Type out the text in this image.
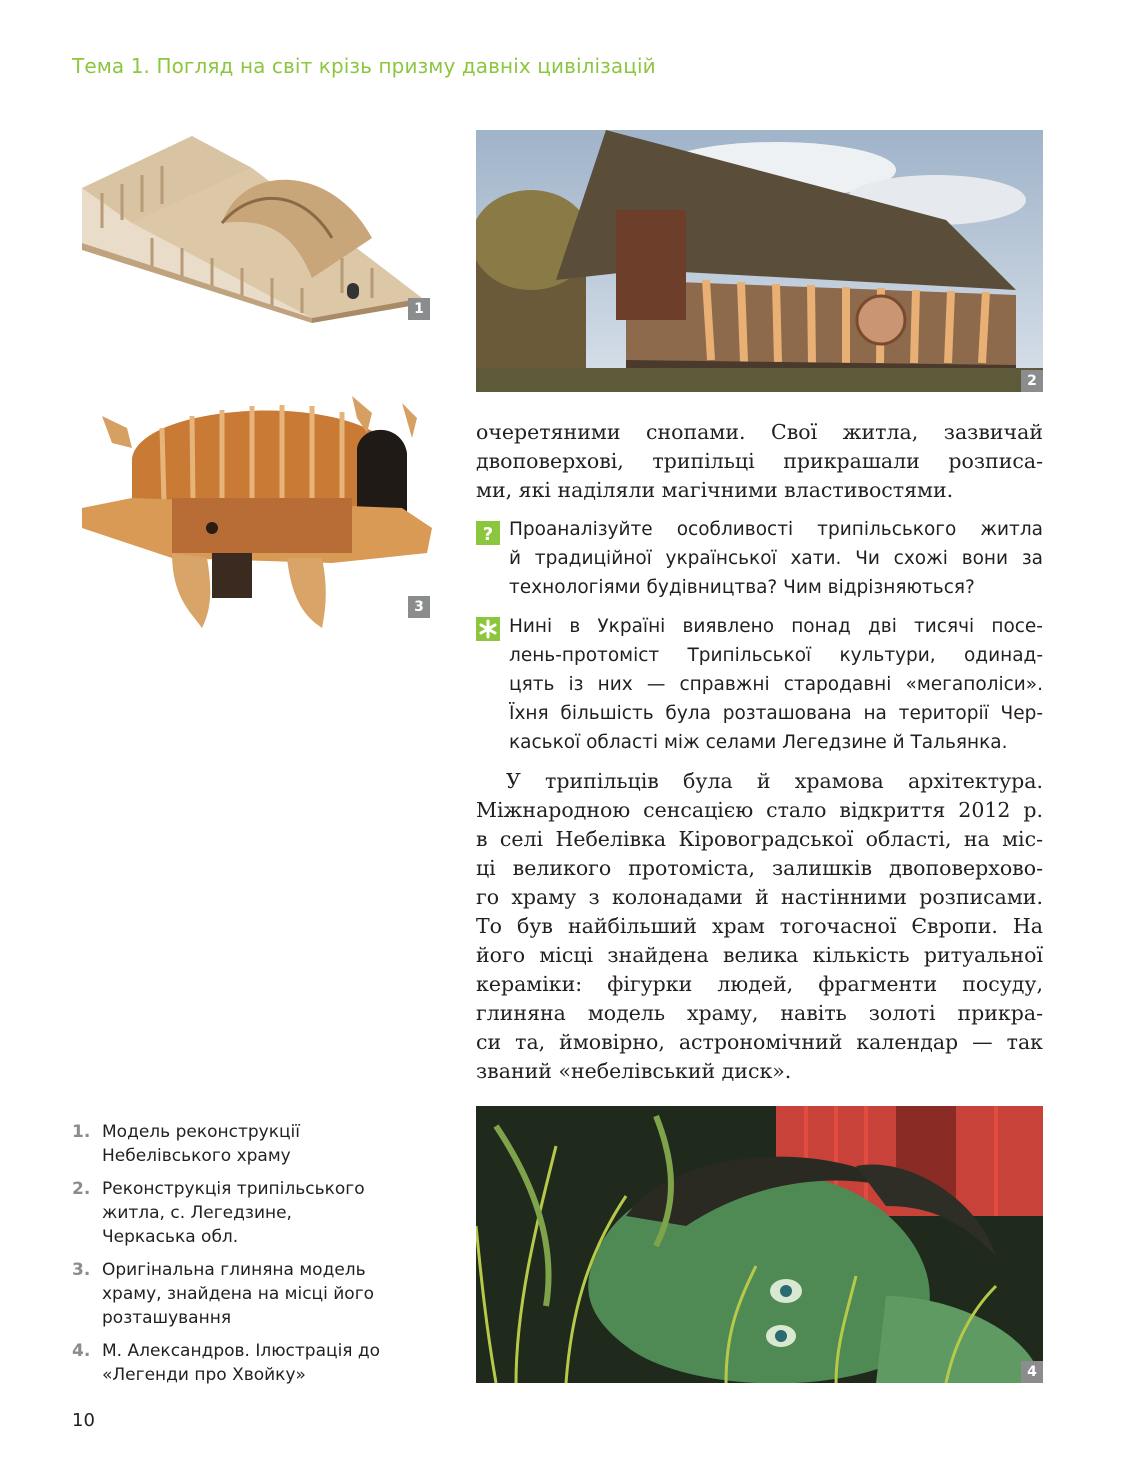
Тема 1. Погляд на світ крізь призму давніх цивілізацій
1
2
3
очеретяними снопами. Свої житла, зазвичай
двоповерхові, трипільці прикрашали розписа-
ми, які наділяли магічними властивостями.
? Проаналізуйте особливості трипільського житла
й традиційної української хати. Чи схожі вони за
технологіями будівництва? Чим відрізняються?
Нині в Україні виявлено понад дві тисячі посе-
лень-протоміст Трипільської культури, одинад-
цять із них — справжні стародавні «мегаполіси».
Їхня більшість була розташована на території Чер-
каської області між селами Легедзине й Тальянка.
У трипільців була й храмова архітектура.
Міжнародною сенсацією стало відкриття 2012 р.
в селі Небелівка Кіровоградської області, на міс-
ці великого протоміста, залишків двоповерхово-
го храму з колонадами й настінними розписами.
То був найбільший храм тогочасної Європи. На
його місці знайдена велика кількість ритуальної
кераміки: фігурки людей, фрагменти посуду,
глиняна модель храму, навіть золоті прикра-
си та, ймовірно, астрономічний календар — так
званий «небелівський диск».
4
1. Модель реконструкції
Небелівського храму
2. Реконструкція трипільського
житла, с. Легедзине,
Черкаська обл.
3. Оригінальна глиняна модель
храму, знайдена на місці його
розташування
4. М. Александров. Ілюстрація до
«Легенди про Хвойку»
10
